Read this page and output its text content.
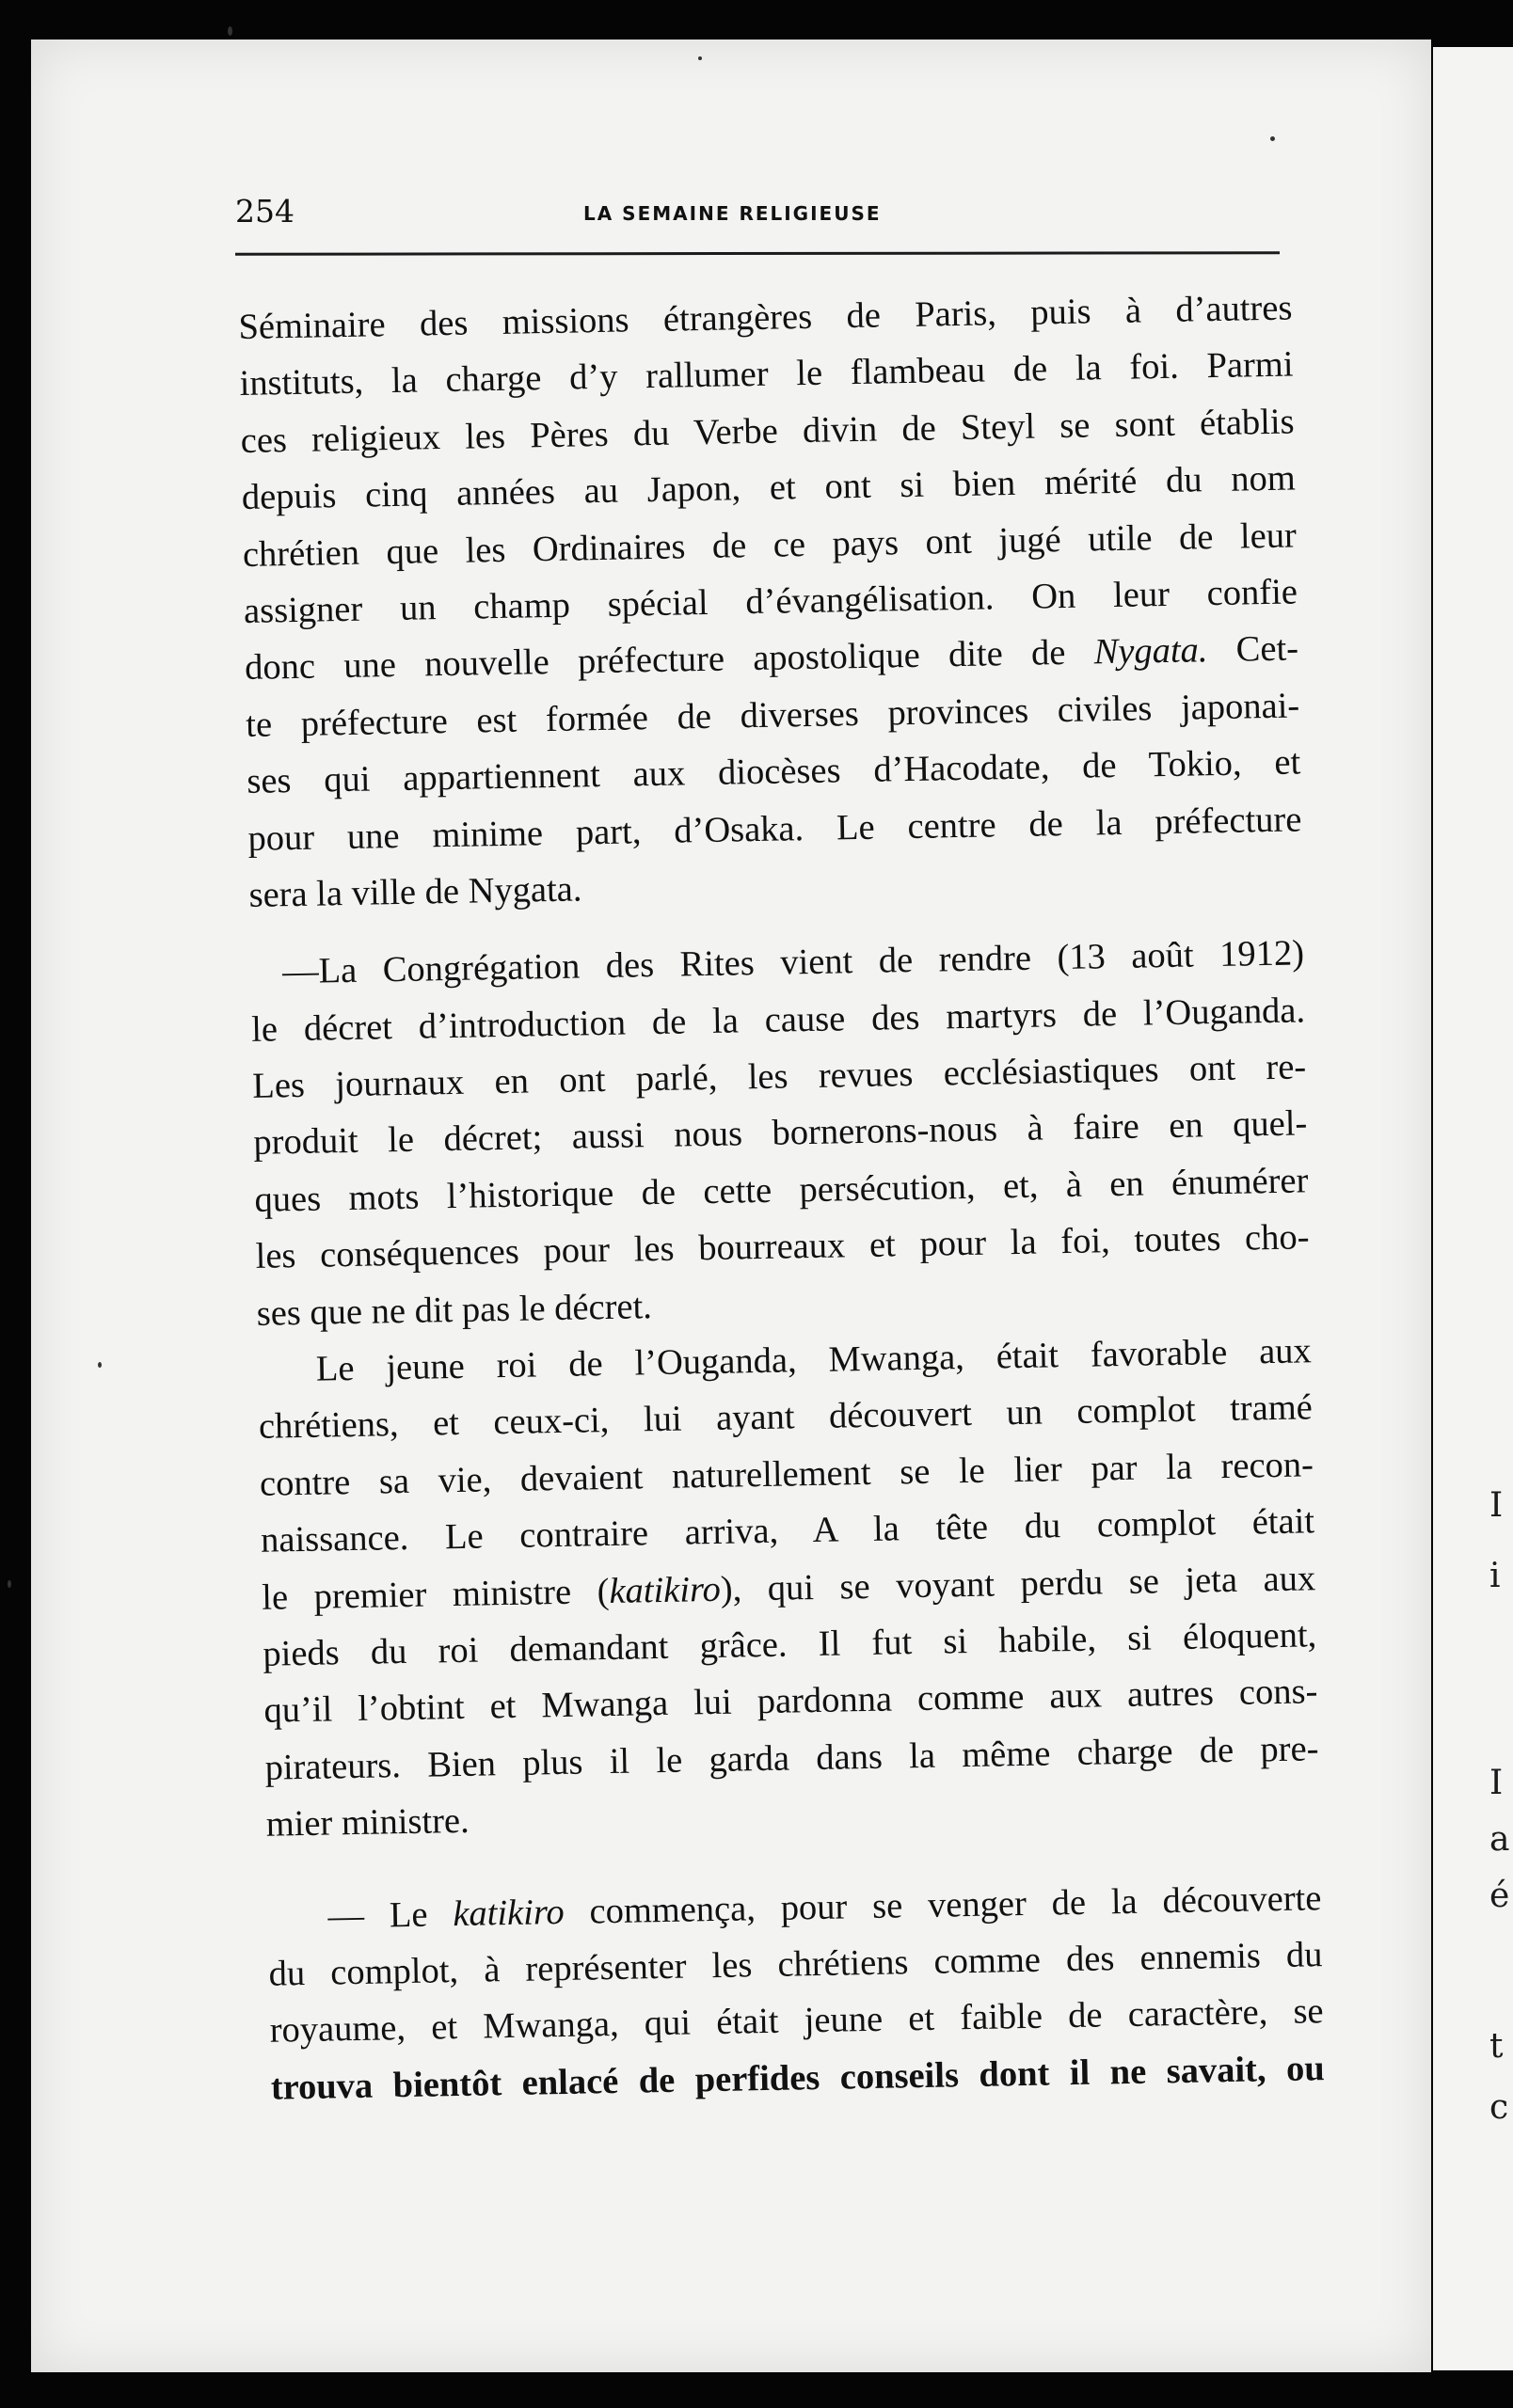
I
i
I
a
é
t
c
254	LA SEMAINE RELIGIEUSE
Séminaire des missions étrangères de Paris, puis à d’autres
instituts, la charge d’y rallumer le flambeau de la foi. Parmi
ces religieux les Pères du Verbe divin de Steyl se sont établis
depuis cinq années au Japon, et ont si bien mérité du nom
chrétien que les Ordinaires de ce pays ont jugé utile de leur
assigner un champ spécial d’évangélisation. On leur confie
donc une nouvelle préfecture apostolique dite de Nygata. Cet-
te préfecture est formée de diverses provinces civiles japonai-
ses qui appartiennent aux diocèses d’Hacodate, de Tokio, et
pour une minime part, d’Osaka. Le centre de la préfecture
sera la ville de Nygata.
—La Congrégation des Rites vient de rendre (13 août 1912)
le décret d’introduction de la cause des martyrs de l’Ouganda.
Les journaux en ont parlé, les revues ecclésiastiques ont re-
produit le décret; aussi nous bornerons-nous à faire en quel-
ques mots l’historique de cette persécution, et, à en énumérer
les conséquences pour les bourreaux et pour la foi, toutes cho-
ses que ne dit pas le décret.
Le jeune roi de l’Ouganda, Mwanga, était favorable aux
chrétiens, et ceux-ci, lui ayant découvert un complot tramé
contre sa vie, devaient naturellement se le lier par la recon-
naissance. Le contraire arriva, A la tête du complot était
le premier ministre (katikiro), qui se voyant perdu se jeta aux
pieds du roi demandant grâce. Il fut si habile, si éloquent,
qu’il l’obtint et Mwanga lui pardonna comme aux autres cons-
pirateurs. Bien plus il le garda dans la même charge de pre-
mier ministre.
— Le katikiro commença, pour se venger de la découverte
du complot, à représenter les chrétiens comme des ennemis du
royaume, et Mwanga, qui était jeune et faible de caractère, se
trouva bientôt enlacé de perfides conseils dont il ne savait, ou
